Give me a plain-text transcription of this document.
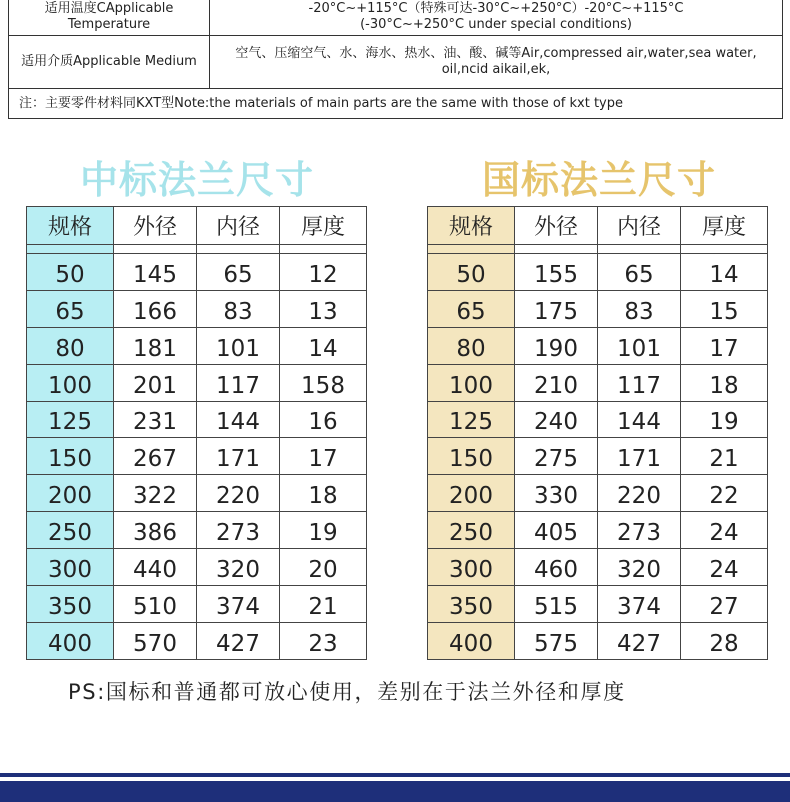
适用温度CApplicable Temperature	-20°C~+115°C（特殊可达-30°C~+250°C）-20°C~+115°C
(-30°C~+250°C under special conditions)

适用介质Applicable Medium	空气、压缩空气、水、海水、热水、油、酸、碱等Air,compressed air,water,sea water,
oil,ncid aikail,ek,

注：主要零件材料同KXT型Note:the materials of main parts are the same with those of kxt type	
中标法兰尺寸	国标法兰尺寸
规格	外径	内径	厚度

50	145	65	12
65	166	83	13
80	181	101	14
100	201	117	158
125	231	144	16
150	267	171	17
200	322	220	18
250	386	273	19
300	440	320	20
350	510	374	21
400	570	427	23
规格	外径	内径	厚度

50	155	65	14
65	175	83	15
80	190	101	17
100	210	117	18
125	240	144	19
150	275	171	21
200	330	220	22
250	405	273	24
300	460	320	24
350	515	374	27
400	575	427	28
PS:国标和普通都可放心使用，差别在于法兰外径和厚度
